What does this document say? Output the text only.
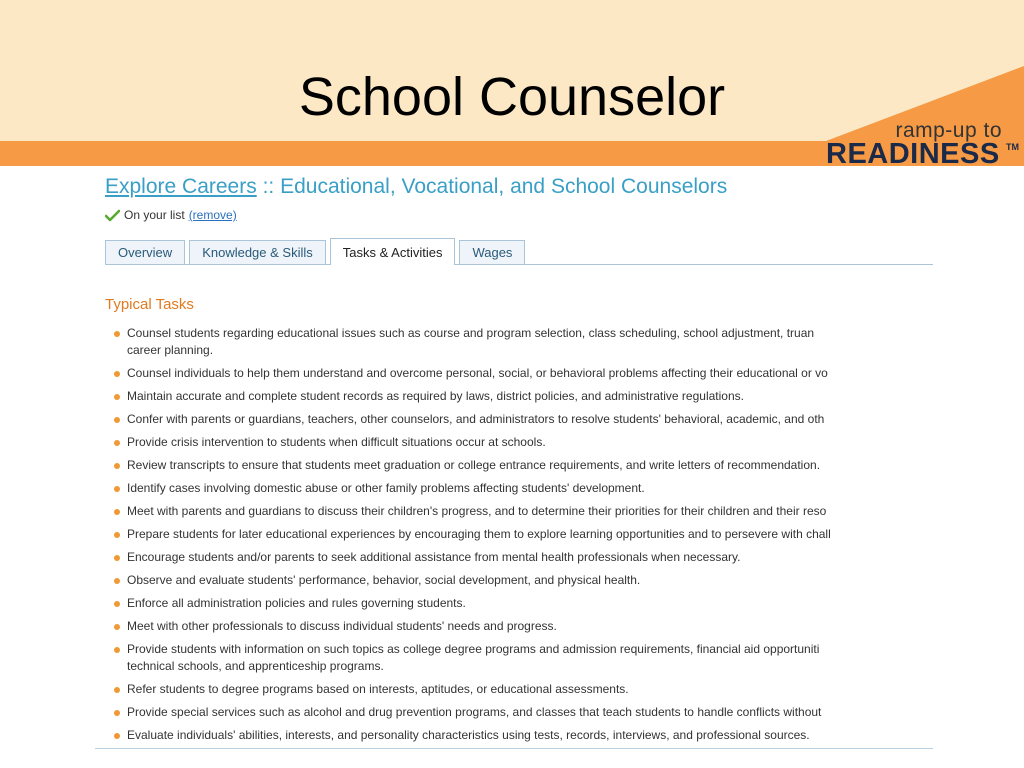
School Counselor
ramp-up to
READINESS TM
Explore Careers :: Educational, Vocational, and School Counselors
On your list (remove)
Overview	Knowledge & Skills	Tasks & Activities	Wages
Typical Tasks
Counsel students regarding educational issues such as course and program selection, class scheduling, school adjustment, truan
career planning.
Counsel individuals to help them understand and overcome personal, social, or behavioral problems affecting their educational or vo
Maintain accurate and complete student records as required by laws, district policies, and administrative regulations.
Confer with parents or guardians, teachers, other counselors, and administrators to resolve students' behavioral, academic, and oth
Provide crisis intervention to students when difficult situations occur at schools.
Review transcripts to ensure that students meet graduation or college entrance requirements, and write letters of recommendation.
Identify cases involving domestic abuse or other family problems affecting students' development.
Meet with parents and guardians to discuss their children's progress, and to determine their priorities for their children and their reso
Prepare students for later educational experiences by encouraging them to explore learning opportunities and to persevere with chall
Encourage students and/or parents to seek additional assistance from mental health professionals when necessary.
Observe and evaluate students' performance, behavior, social development, and physical health.
Enforce all administration policies and rules governing students.
Meet with other professionals to discuss individual students' needs and progress.
Provide students with information on such topics as college degree programs and admission requirements, financial aid opportuniti
technical schools, and apprenticeship programs.
Refer students to degree programs based on interests, aptitudes, or educational assessments.
Provide special services such as alcohol and drug prevention programs, and classes that teach students to handle conflicts without
Evaluate individuals' abilities, interests, and personality characteristics using tests, records, interviews, and professional sources.
